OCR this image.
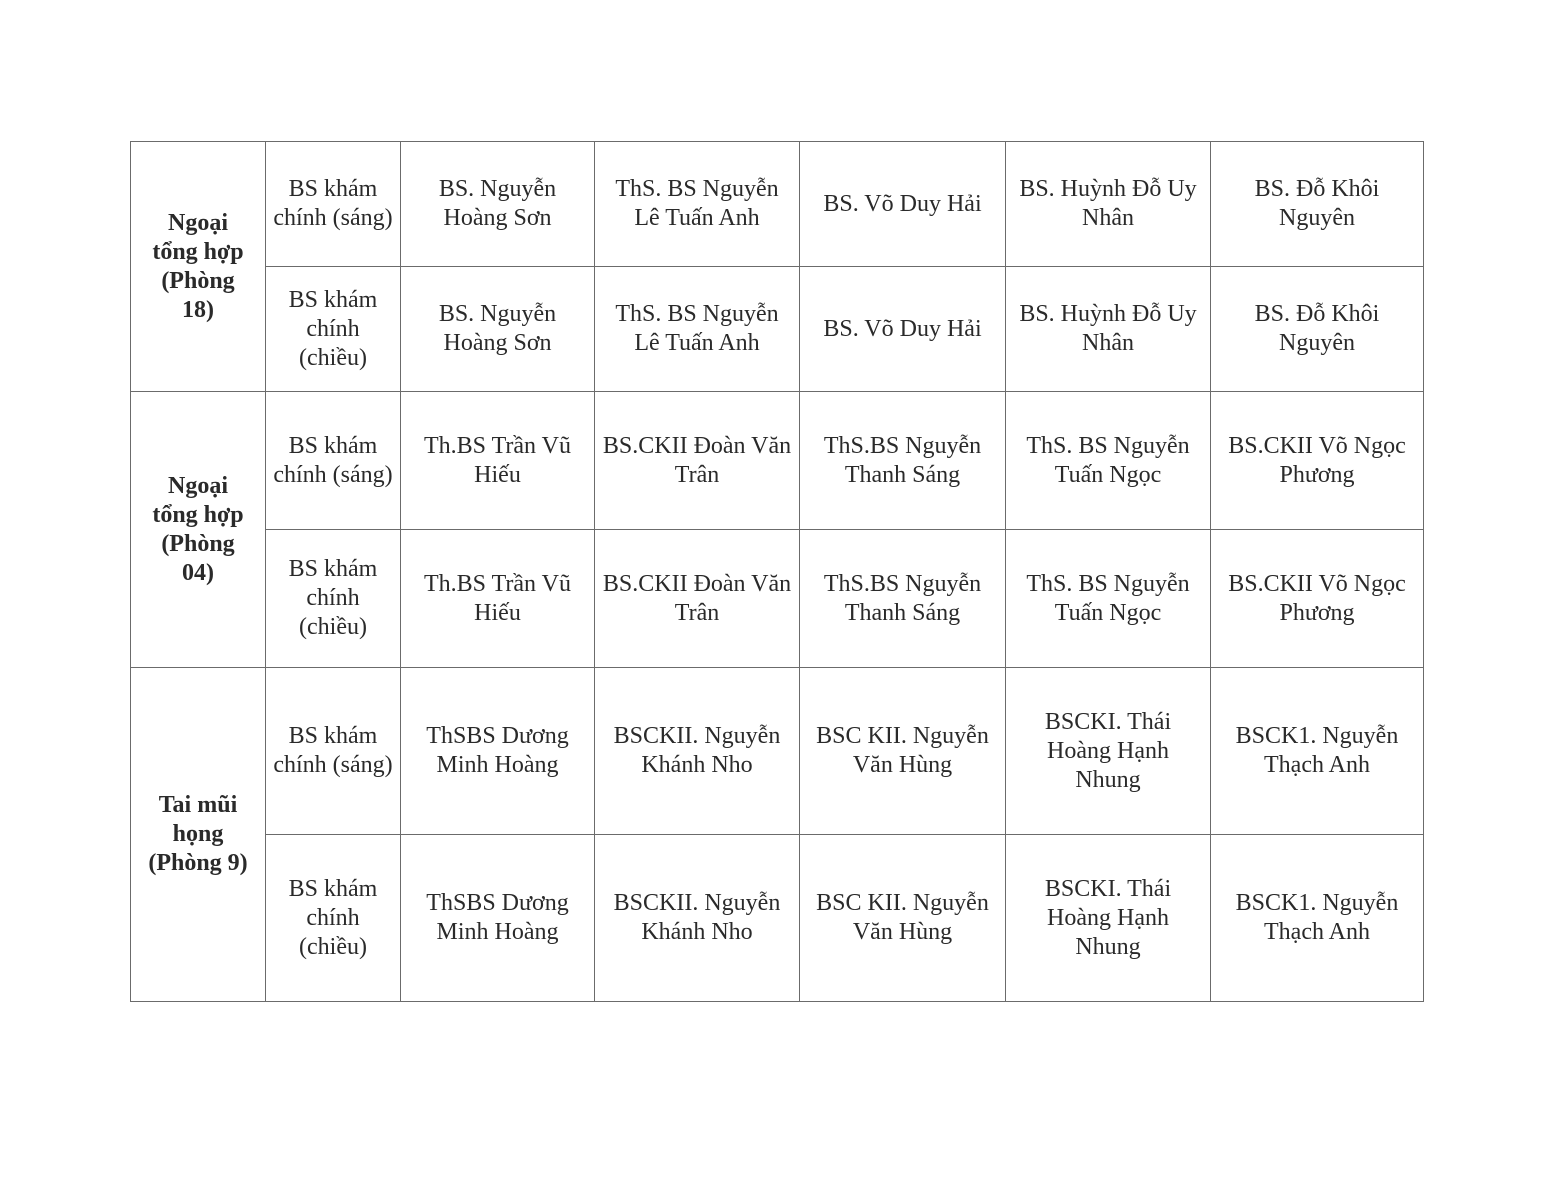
Ngoại tổng hợp (Phòng 18)	BS khám chính (sáng)	BS. Nguyễn Hoàng Sơn	ThS. BS Nguyễn Lê Tuấn Anh	BS. Võ Duy Hải	BS. Huỳnh Đỗ Uy Nhân	BS. Đỗ Khôi Nguyên
	BS khám chính (chiều)	BS. Nguyễn Hoàng Sơn	ThS. BS Nguyễn Lê Tuấn Anh	BS. Võ Duy Hải	BS. Huỳnh Đỗ Uy Nhân	BS. Đỗ Khôi Nguyên
Ngoại tổng hợp (Phòng 04)	BS khám chính (sáng)	Th.BS Trần Vũ Hiếu	BS.CKII Đoàn Văn Trân	ThS.BS Nguyễn Thanh Sáng	ThS. BS Nguyễn Tuấn Ngọc	BS.CKII Võ Ngọc Phương
	BS khám chính (chiều)	Th.BS Trần Vũ Hiếu	BS.CKII Đoàn Văn Trân	ThS.BS Nguyễn Thanh Sáng	ThS. BS Nguyễn Tuấn Ngọc	BS.CKII Võ Ngọc Phương
Tai mũi họng (Phòng 9)	BS khám chính (sáng)	ThSBS Dương Minh Hoàng	BSCKII. Nguyễn Khánh Nho	BSC KII. Nguyễn Văn Hùng	BSCKI. Thái Hoàng Hạnh Nhung	BSCK1. Nguyễn Thạch Anh
	BS khám chính (chiều)	ThSBS Dương Minh Hoàng	BSCKII. Nguyễn Khánh Nho	BSC KII. Nguyễn Văn Hùng	BSCKI. Thái Hoàng Hạnh Nhung	BSCK1. Nguyễn Thạch Anh
